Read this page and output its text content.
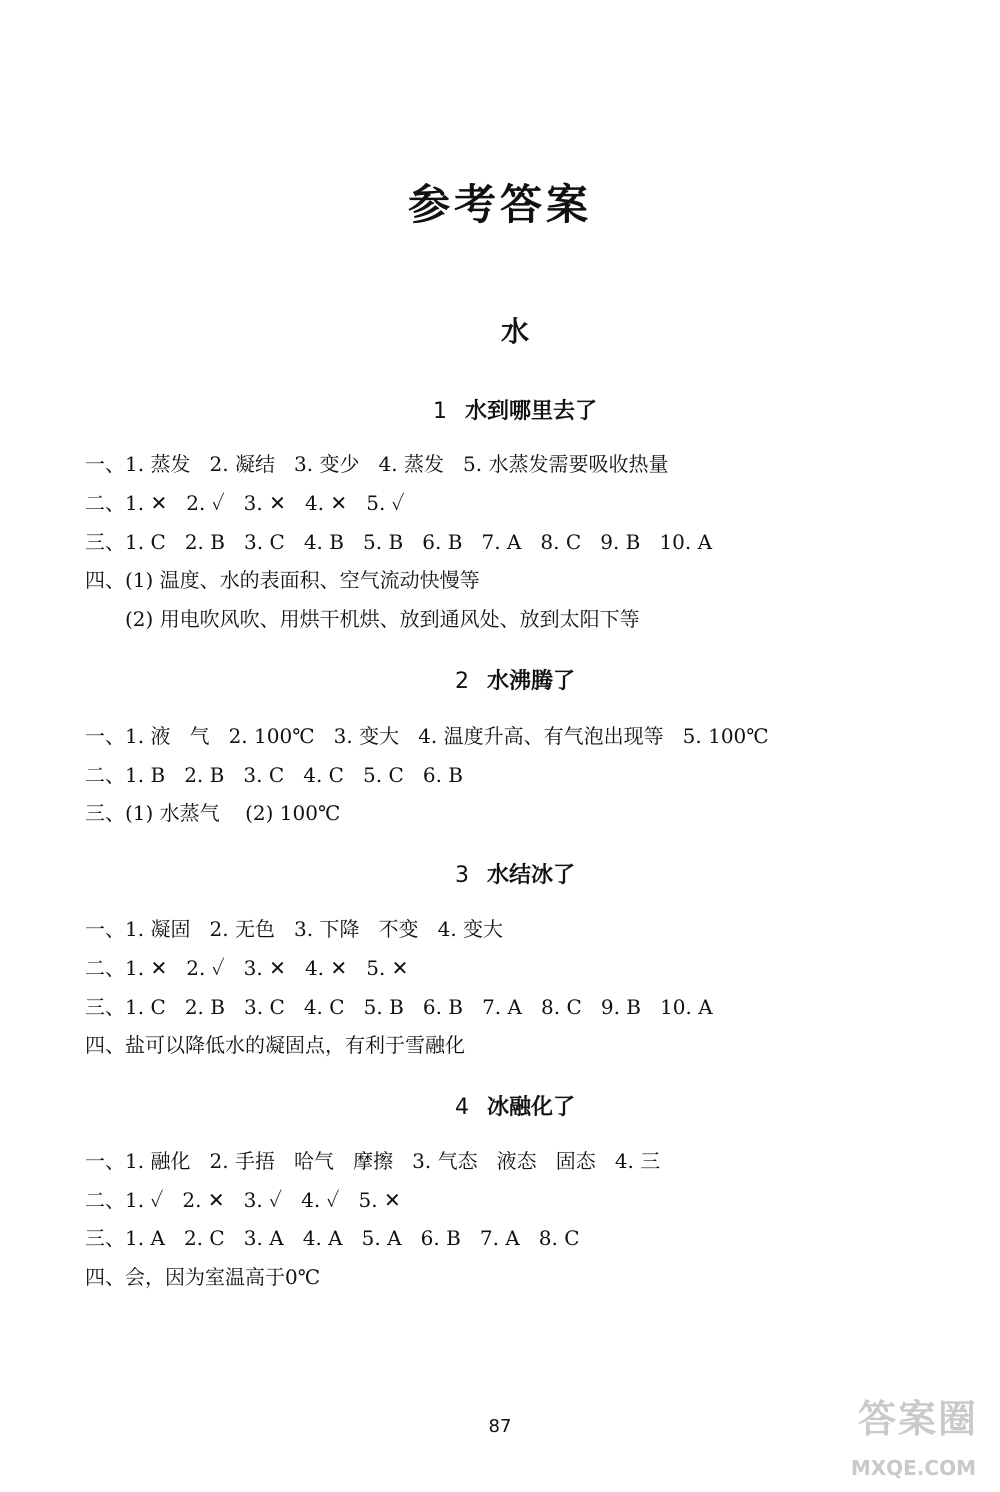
参考答案
水
1 水到哪里去了
一、1. 蒸发   2. 凝结   3. 变少   4. 蒸发   5. 水蒸发需要吸收热量
二、1. ✕   2. ✓   3. ✕   4. ✕   5. ✓
三、1. C   2. B   3. C   4. B   5. B   6. B   7. A   8. C   9. B   10. A
四、(1) 温度、水的表面积、空气流动快慢等
(2) 用电吹风吹、用烘干机烘、放到通风处、放到太阳下等
2 水沸腾了
一、1. 液   气   2. 100℃   3. 变大   4. 温度升高、有气泡出现等   5. 100℃
二、1. B   2. B   3. C   4. C   5. C   6. B
三、(1) 水蒸气    (2) 100℃
3 水结冰了
一、1. 凝固   2. 无色   3. 下降   不变   4. 变大
二、1. ✕   2. ✓   3. ✕   4. ✕   5. ✕
三、1. C   2. B   3. C   4. C   5. B   6. B   7. A   8. C   9. B   10. A
四、盐可以降低水的凝固点，有利于雪融化
4 冰融化了
一、1. 融化   2. 手捂   哈气   摩擦   3. 气态   液态   固态   4. 三
二、1. ✓   2. ✕   3. ✓   4. ✓   5. ✕
三、1. A   2. C   3. A   4. A   5. A   6. B   7. A   8. C
四、会，因为室温高于0℃
87	答案圈
MXQE.COM
